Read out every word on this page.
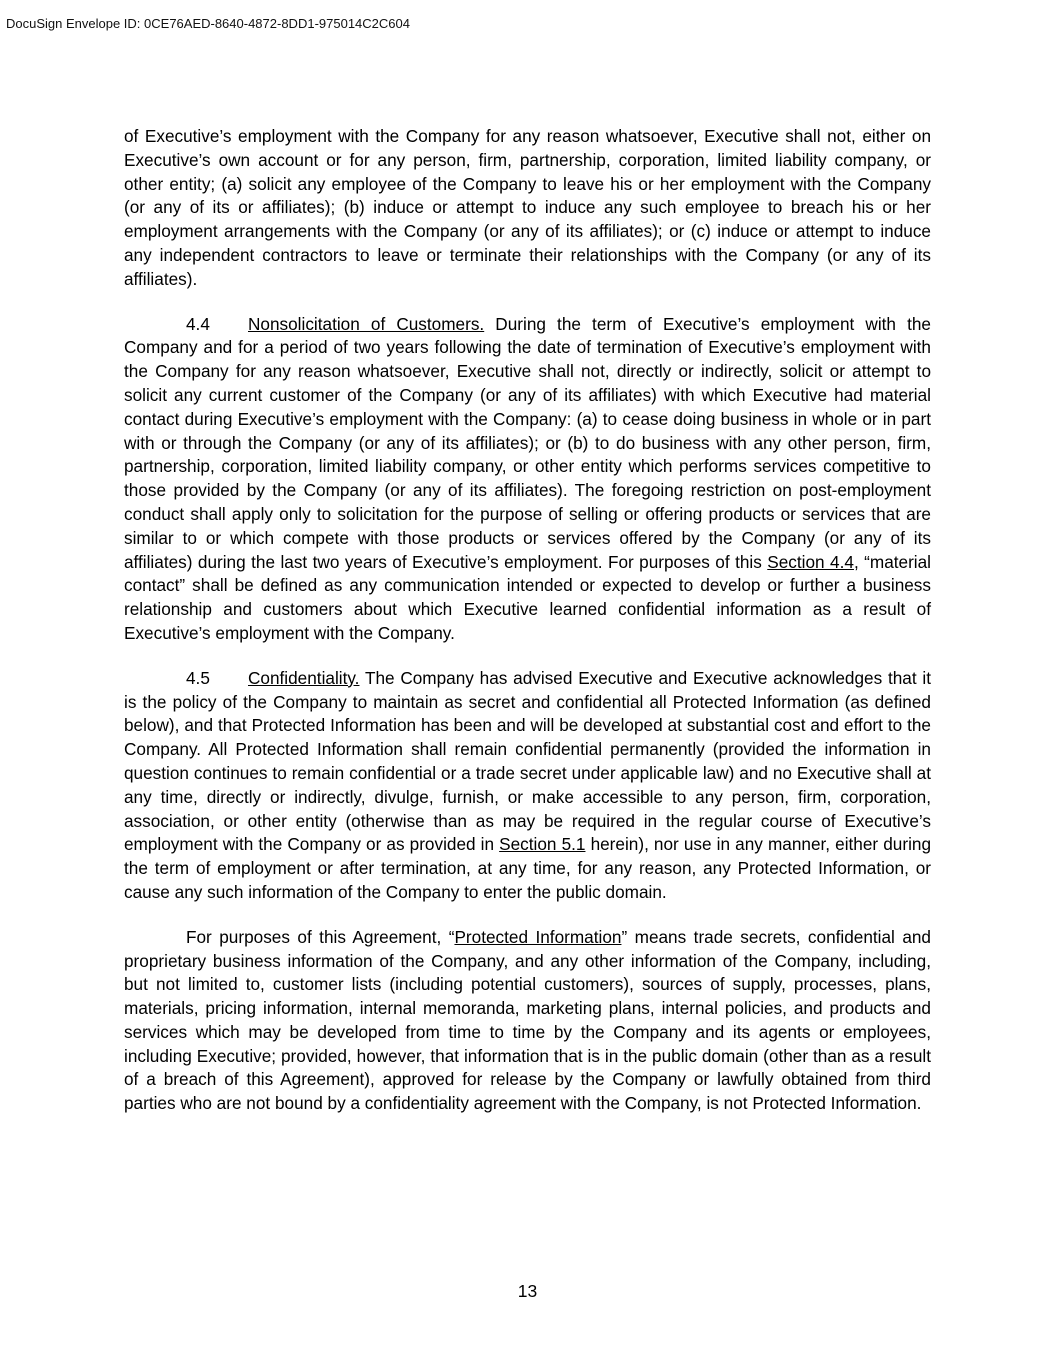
DocuSign Envelope ID: 0CE76AED-8640-4872-8DD1-975014C2C604

of Executive’s employment with the Company for any reason whatsoever, Executive shall not, either on Executive’s own account or for any person, firm, partnership, corporation, limited liability company, or other entity; (a) solicit any employee of the Company to leave his or her employment with the Company (or any of its or affiliates); (b) induce or attempt to induce any such employee to breach his or her employment arrangements with the Company (or any of its affiliates); or (c) induce or attempt to induce any independent contractors to leave or terminate their relationships with the Company (or any of its affiliates).

4.4 Nonsolicitation of Customers. During the term of Executive’s employment with the Company and for a period of two years following the date of termination of Executive’s employment with the Company for any reason whatsoever, Executive shall not, directly or indirectly, solicit or attempt to solicit any current customer of the Company (or any of its affiliates) with which Executive had material contact during Executive’s employment with the Company: (a) to cease doing business in whole or in part with or through the Company (or any of its affiliates); or (b) to do business with any other person, firm, partnership, corporation, limited liability company, or other entity which performs services competitive to those provided by the Company (or any of its affiliates). The foregoing restriction on post-employment conduct shall apply only to solicitation for the purpose of selling or offering products or services that are similar to or which compete with those products or services offered by the Company (or any of its affiliates) during the last two years of Executive’s employment. For purposes of this Section 4.4, “material contact” shall be defined as any communication intended or expected to develop or further a business relationship and customers about which Executive learned confidential information as a result of Executive’s employment with the Company.

4.5 Confidentiality. The Company has advised Executive and Executive acknowledges that it is the policy of the Company to maintain as secret and confidential all Protected Information (as defined below), and that Protected Information has been and will be developed at substantial cost and effort to the Company. All Protected Information shall remain confidential permanently (provided the information in question continues to remain confidential or a trade secret under applicable law) and no Executive shall at any time, directly or indirectly, divulge, furnish, or make accessible to any person, firm, corporation, association, or other entity (otherwise than as may be required in the regular course of Executive’s employment with the Company or as provided in Section 5.1 herein), nor use in any manner, either during the term of employment or after termination, at any time, for any reason, any Protected Information, or cause any such information of the Company to enter the public domain.

For purposes of this Agreement, “Protected Information” means trade secrets, confidential and proprietary business information of the Company, and any other information of the Company, including, but not limited to, customer lists (including potential customers), sources of supply, processes, plans, materials, pricing information, internal memoranda, marketing plans, internal policies, and products and services which may be developed from time to time by the Company and its agents or employees, including Executive; provided, however, that information that is in the public domain (other than as a result of a breach of this Agreement), approved for release by the Company or lawfully obtained from third parties who are not bound by a confidentiality agreement with the Company, is not Protected Information.

13
